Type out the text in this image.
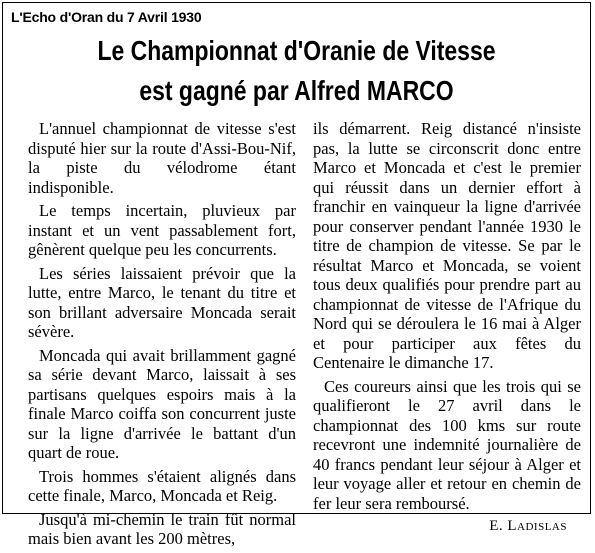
L'Echo d'Oran du 7 Avril 1930
Le Championnat d'Oranie de Vitesse
est gagné par Alfred MARCO

L'annuel championnat de vitesse s'est disputé hier sur la route d'Assi-Bou-Nif, la piste du vélodrome étant indisponible.

Le temps incertain, pluvieux par instant et un vent passablement fort, gênèrent quelque peu les concurrents.

Les séries laissaient prévoir que la lutte, entre Marco, le tenant du titre et son brillant adversaire Moncada serait sévère.

Moncada qui avait brillamment gagné sa série devant Marco, laissait à ses partisans quelques espoirs mais à la finale Marco coiffa son concurrent juste sur la ligne d'arrivée le battant d'un quart de roue.

Trois hommes s'étaient alignés dans cette finale, Marco, Moncada et Reig.

Jusqu'à mi-chemin le train fût normal mais bien avant les 200 mètres,

ils démarrent. Reig distancé n'insiste pas, la lutte se circonscrit donc entre Marco et Moncada et c'est le premier qui réussit dans un dernier effort à franchir en vainqueur la ligne d'arrivée pour conserver pendant l'année 1930 le titre de champion de vitesse. Se par le résultat Marco et Moncada, se voient tous deux qualifiés pour prendre part au championnat de vitesse de l'Afrique du Nord qui se déroulera le 16 mai à Alger et pour participer aux fêtes du Centenaire le dimanche 17.

Ces coureurs ainsi que les trois qui se qualifieront le 27 avril dans le championnat des 100 kms sur route recevront une indemnité journalière de 40 francs pendant leur séjour à Alger et leur voyage aller et retour en chemin de fer leur sera remboursé.

E. Ladislas
